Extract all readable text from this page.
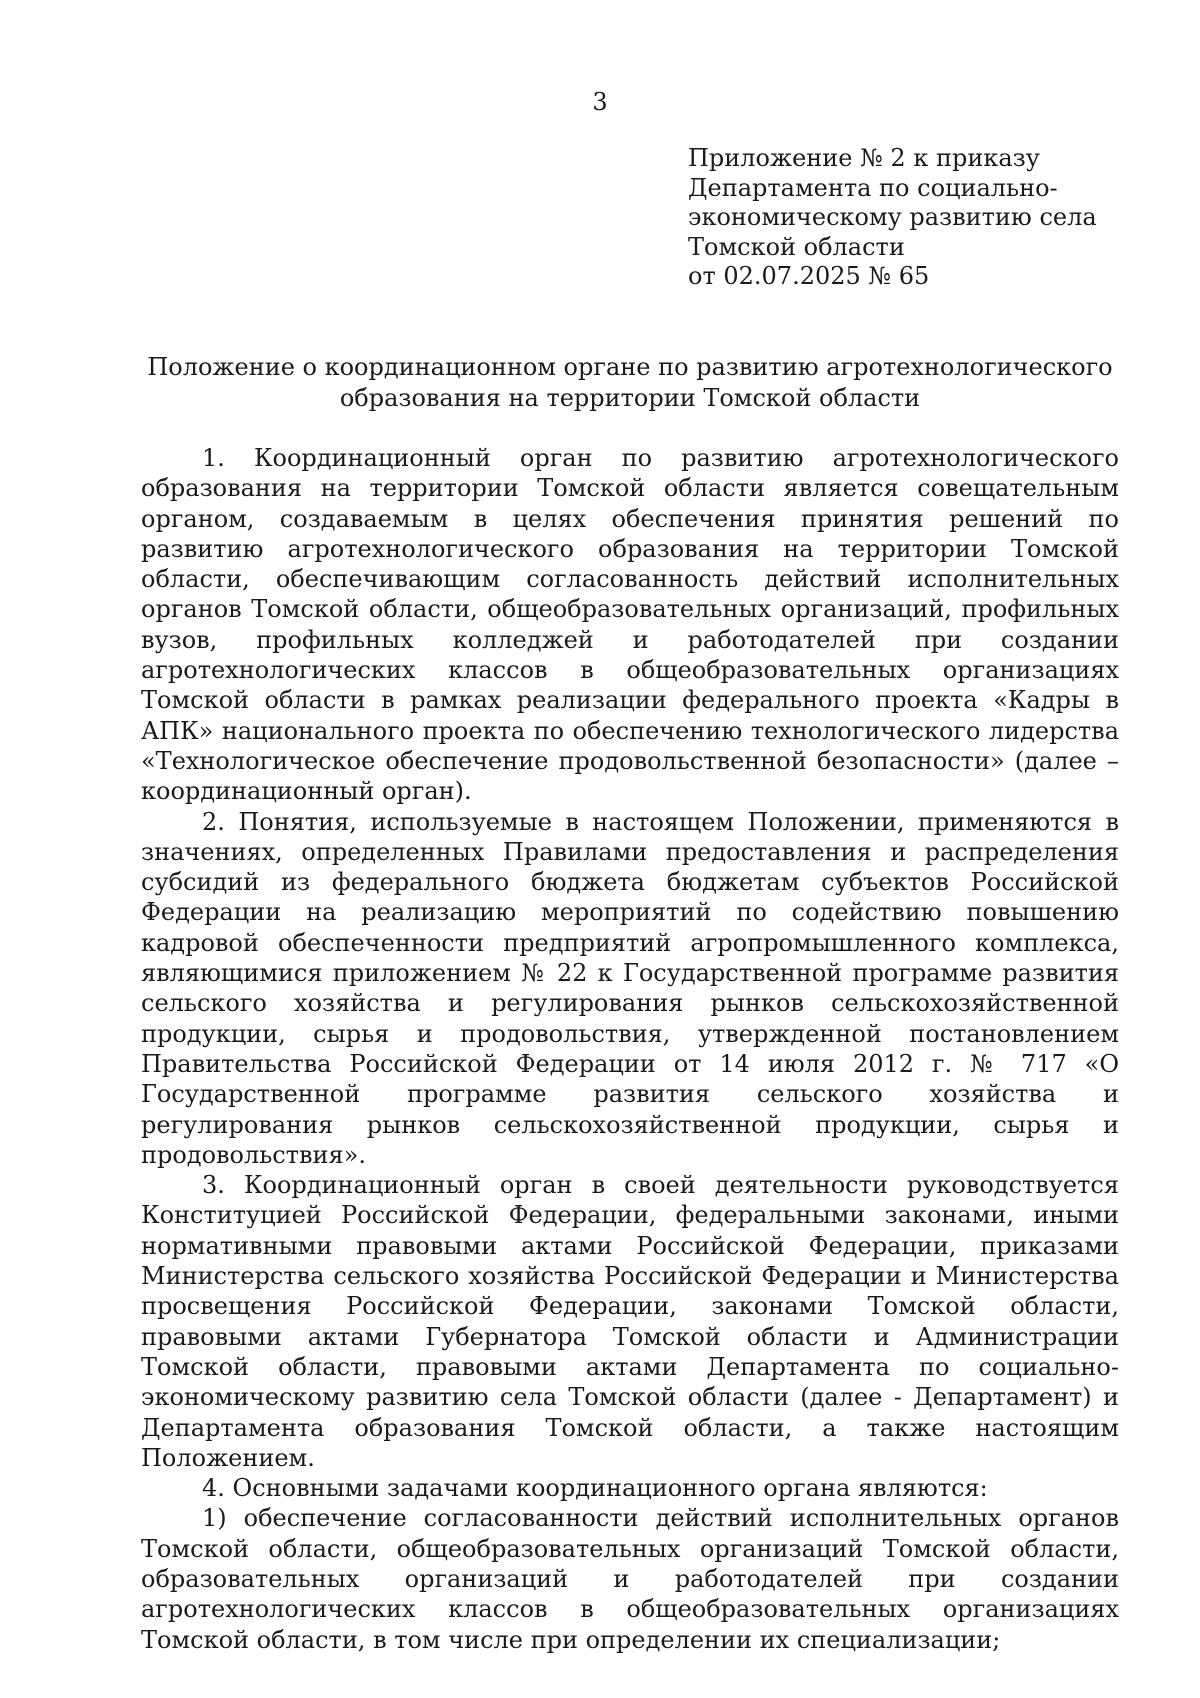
3
Приложение № 2 к приказу
Департамента по социально-
экономическому развитию села
Томской области
от 02.07.2025 № 65
Положение о координационном органе по развитию агротехнологического
образования на территории Томской области

1. Координационный орган по развитию агротехнологического образования на территории Томской области является совещательным органом, создаваемым в целях обеспечения принятия решений по развитию агротехнологического образования на территории Томской области, обеспечивающим согласованность действий исполнительных органов Томской области, общеобразовательных организаций, профильных вузов, профильных колледжей и работодателей при создании агротехнологических классов в общеобразовательных организациях Томской области в рамках реализации федерального проекта «Кадры в АПК» национального проекта по обеспечению технологического лидерства «Технологическое обеспечение продовольственной безопасности» (далее – координационный орган).

2. Понятия, используемые в настоящем Положении, применяются в значениях, определенных Правилами предоставления и распределения субсидий из федерального бюджета бюджетам субъектов Российской Федерации на реализацию мероприятий по содействию повышению кадровой обеспеченности предприятий агропромышленного комплекса, являющимися приложением № 22 к Государственной программе развития сельского хозяйства и регулирования рынков сельскохозяйственной продукции, сырья и продовольствия, утвержденной постановлением Правительства Российской Федерации от 14 июля 2012 г. № 717 «О Государственной программе развития сельского хозяйства и регулирования рынков сельскохозяйственной продукции, сырья и продовольствия».

3. Координационный орган в своей деятельности руководствуется Конституцией Российской Федерации, федеральными законами, иными нормативными правовыми актами Российской Федерации, приказами Министерства сельского хозяйства Российской Федерации и Министерства просвещения Российской Федерации, законами Томской области, правовыми актами Губернатора Томской области и Администрации Томской области, правовыми актами Департамента по социально-экономическому развитию села Томской области (далее - Департамент) и Департамента образования Томской области, а также настоящим Положением.

4. Основными задачами координационного органа являются:

1) обеспечение согласованности действий исполнительных органов Томской области, общеобразовательных организаций Томской области, образовательных организаций и работодателей при создании агротехнологических классов в общеобразовательных организациях Томской области, в том числе при определении их специализации;
